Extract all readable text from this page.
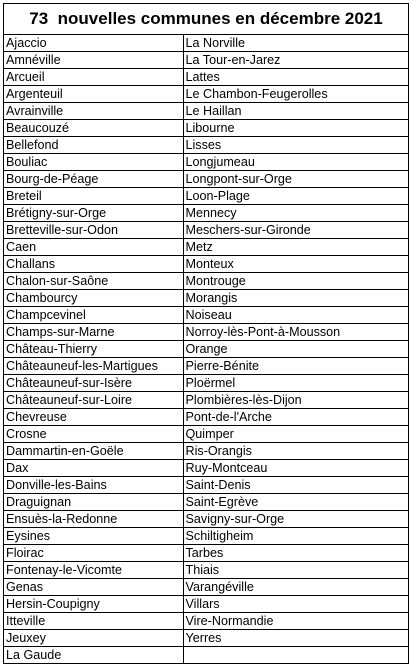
73  nouvelles communes en décembre 2021
Ajaccio	La Norville
Amnéville	La Tour-en-Jarez
Arcueil	Lattes
Argenteuil	Le Chambon-Feugerolles
Avrainville	Le Haillan
Beaucouzé	Libourne
Bellefond	Lisses
Bouliac	Longjumeau
Bourg-de-Péage	Longpont-sur-Orge
Breteil	Loon-Plage
Brétigny-sur-Orge	Mennecy
Bretteville-sur-Odon	Meschers-sur-Gironde
Caen	Metz
Challans	Monteux
Chalon-sur-Saône	Montrouge
Chambourcy	Morangis
Champcevinel	Noiseau
Champs-sur-Marne	Norroy-lès-Pont-à-Mousson
Château-Thierry	Orange
Châteauneuf-les-Martigues	Pierre-Bénite
Châteauneuf-sur-Isère	Ploërmel
Châteauneuf-sur-Loire	Plombières-lès-Dijon
Chevreuse	Pont-de-l'Arche
Crosne	Quimper
Dammartin-en-Goële	Ris-Orangis
Dax	Ruy-Montceau
Donville-les-Bains	Saint-Denis
Draguignan	Saint-Egrève
Ensuès-la-Redonne	Savigny-sur-Orge
Eysines	Schiltigheim
Floirac	Tarbes
Fontenay-le-Vicomte	Thiais
Genas	Varangéville
Hersin-Coupigny	Villars
Itteville	Vire-Normandie
Jeuxey	Yerres
La Gaude	
